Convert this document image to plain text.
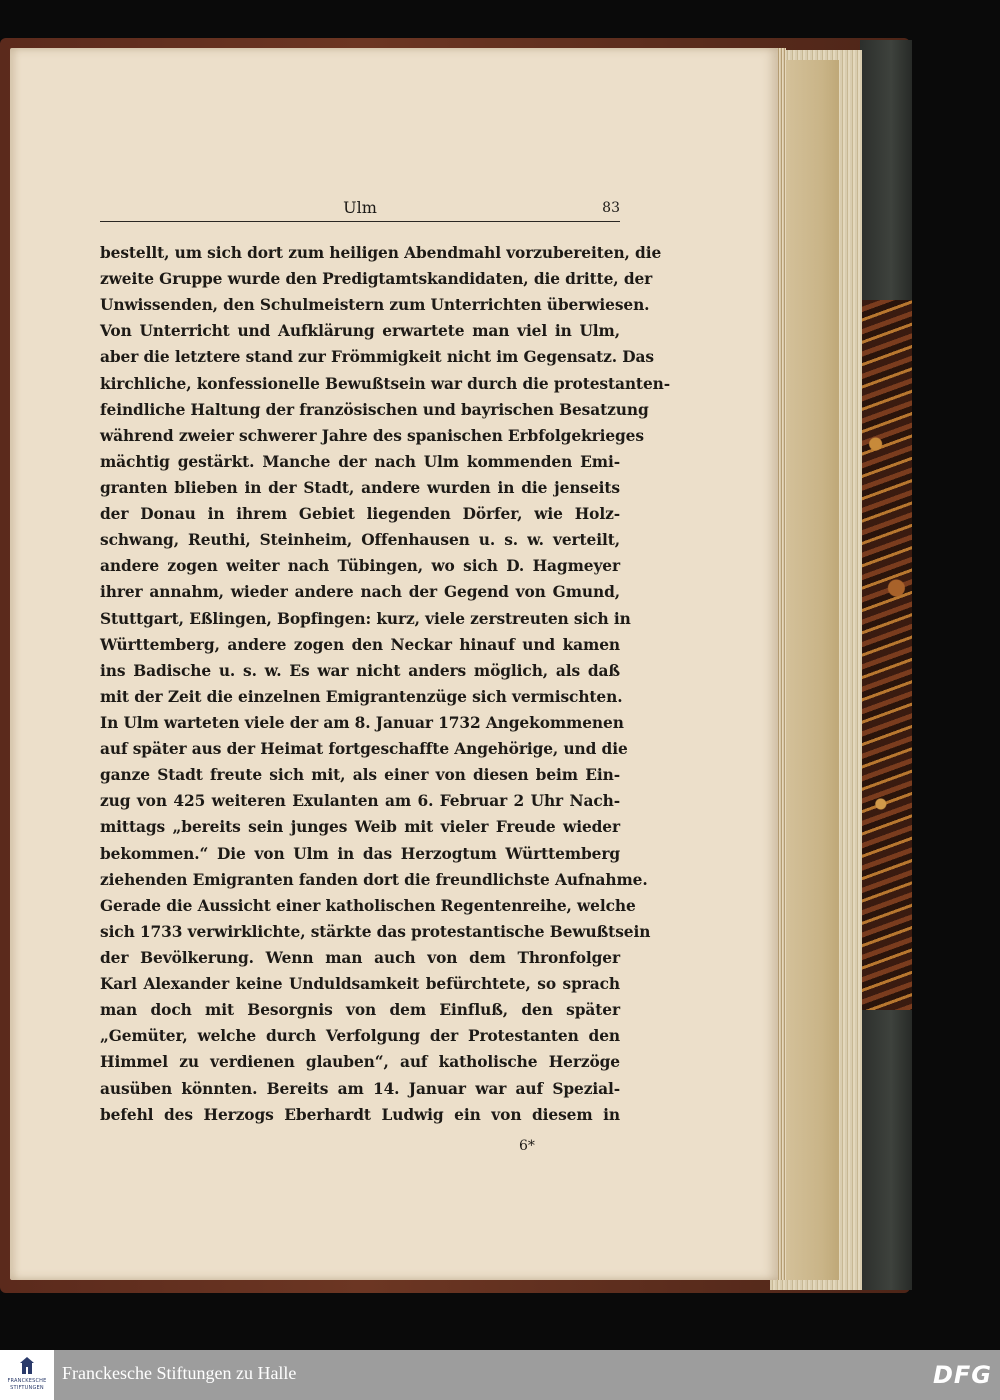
Ulm	83
bestellt, um sich dort zum heiligen Abendmahl vorzubereiten, die
zweite Gruppe wurde den Predigtamtskandidaten, die dritte, der
Unwissenden, den Schulmeistern zum Unterrichten überwiesen.
Von Unterricht und Aufklärung erwartete man viel in Ulm,
aber die letztere stand zur Frömmigkeit nicht im Gegensatz. Das
kirchliche, konfessionelle Bewußtsein war durch die protestanten-
feindliche Haltung der französischen und bayrischen Besatzung
während zweier schwerer Jahre des spanischen Erbfolgekrieges
mächtig gestärkt. Manche der nach Ulm kommenden Emi-
granten blieben in der Stadt, andere wurden in die jenseits
der Donau in ihrem Gebiet liegenden Dörfer, wie Holz-
schwang, Reuthi, Steinheim, Offenhausen u. s. w. verteilt,
andere zogen weiter nach Tübingen, wo sich D. Hagmeyer
ihrer annahm, wieder andere nach der Gegend von Gmund,
Stuttgart, Eßlingen, Bopfingen: kurz, viele zerstreuten sich in
Württemberg, andere zogen den Neckar hinauf und kamen
ins Badische u. s. w. Es war nicht anders möglich, als daß
mit der Zeit die einzelnen Emigrantenzüge sich vermischten.
In Ulm warteten viele der am 8. Januar 1732 Angekommenen
auf später aus der Heimat fortgeschaffte Angehörige, und die
ganze Stadt freute sich mit, als einer von diesen beim Ein-
zug von 425 weiteren Exulanten am 6. Februar 2 Uhr Nach-
mittags „bereits sein junges Weib mit vieler Freude wieder
bekommen.“ Die von Ulm in das Herzogtum Württemberg
ziehenden Emigranten fanden dort die freundlichste Aufnahme.
Gerade die Aussicht einer katholischen Regentenreihe, welche
sich 1733 verwirklichte, stärkte das protestantische Bewußtsein
der Bevölkerung. Wenn man auch von dem Thronfolger
Karl Alexander keine Unduldsamkeit befürchtete, so sprach
man doch mit Besorgnis von dem Einfluß, den später
„Gemüter, welche durch Verfolgung der Protestanten den
Himmel zu verdienen glauben“, auf katholische Herzöge
ausüben könnten. Bereits am 14. Januar war auf Spezial-
befehl des Herzogs Eberhardt Ludwig ein von diesem in
6*
FRANCKESCHE
STIFTUNGEN
Franckesche Stiftungen zu Halle	DFG
